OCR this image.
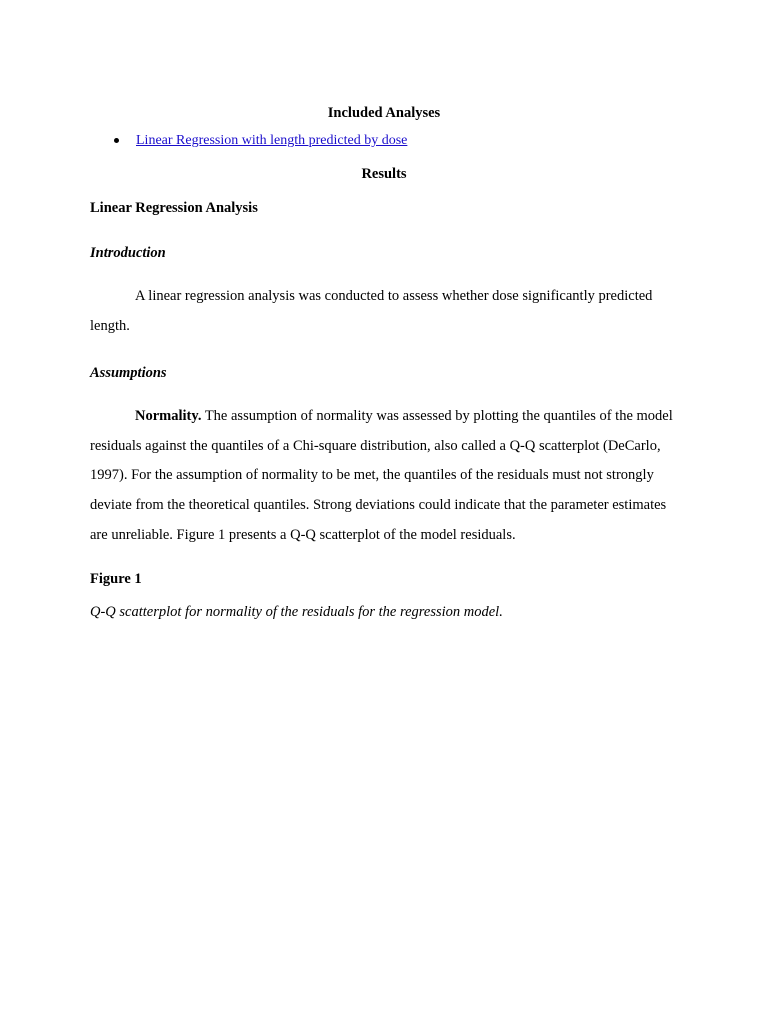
Included Analyses
Linear Regression with length predicted by dose
Results
Linear Regression Analysis
Introduction
A linear regression analysis was conducted to assess whether dose significantly predicted length.
Assumptions
Normality. The assumption of normality was assessed by plotting the quantiles of the model residuals against the quantiles of a Chi-square distribution, also called a Q-Q scatterplot (DeCarlo, 1997). For the assumption of normality to be met, the quantiles of the residuals must not strongly deviate from the theoretical quantiles. Strong deviations could indicate that the parameter estimates are unreliable. Figure 1 presents a Q-Q scatterplot of the model residuals.
Figure 1
Q-Q scatterplot for normality of the residuals for the regression model.
